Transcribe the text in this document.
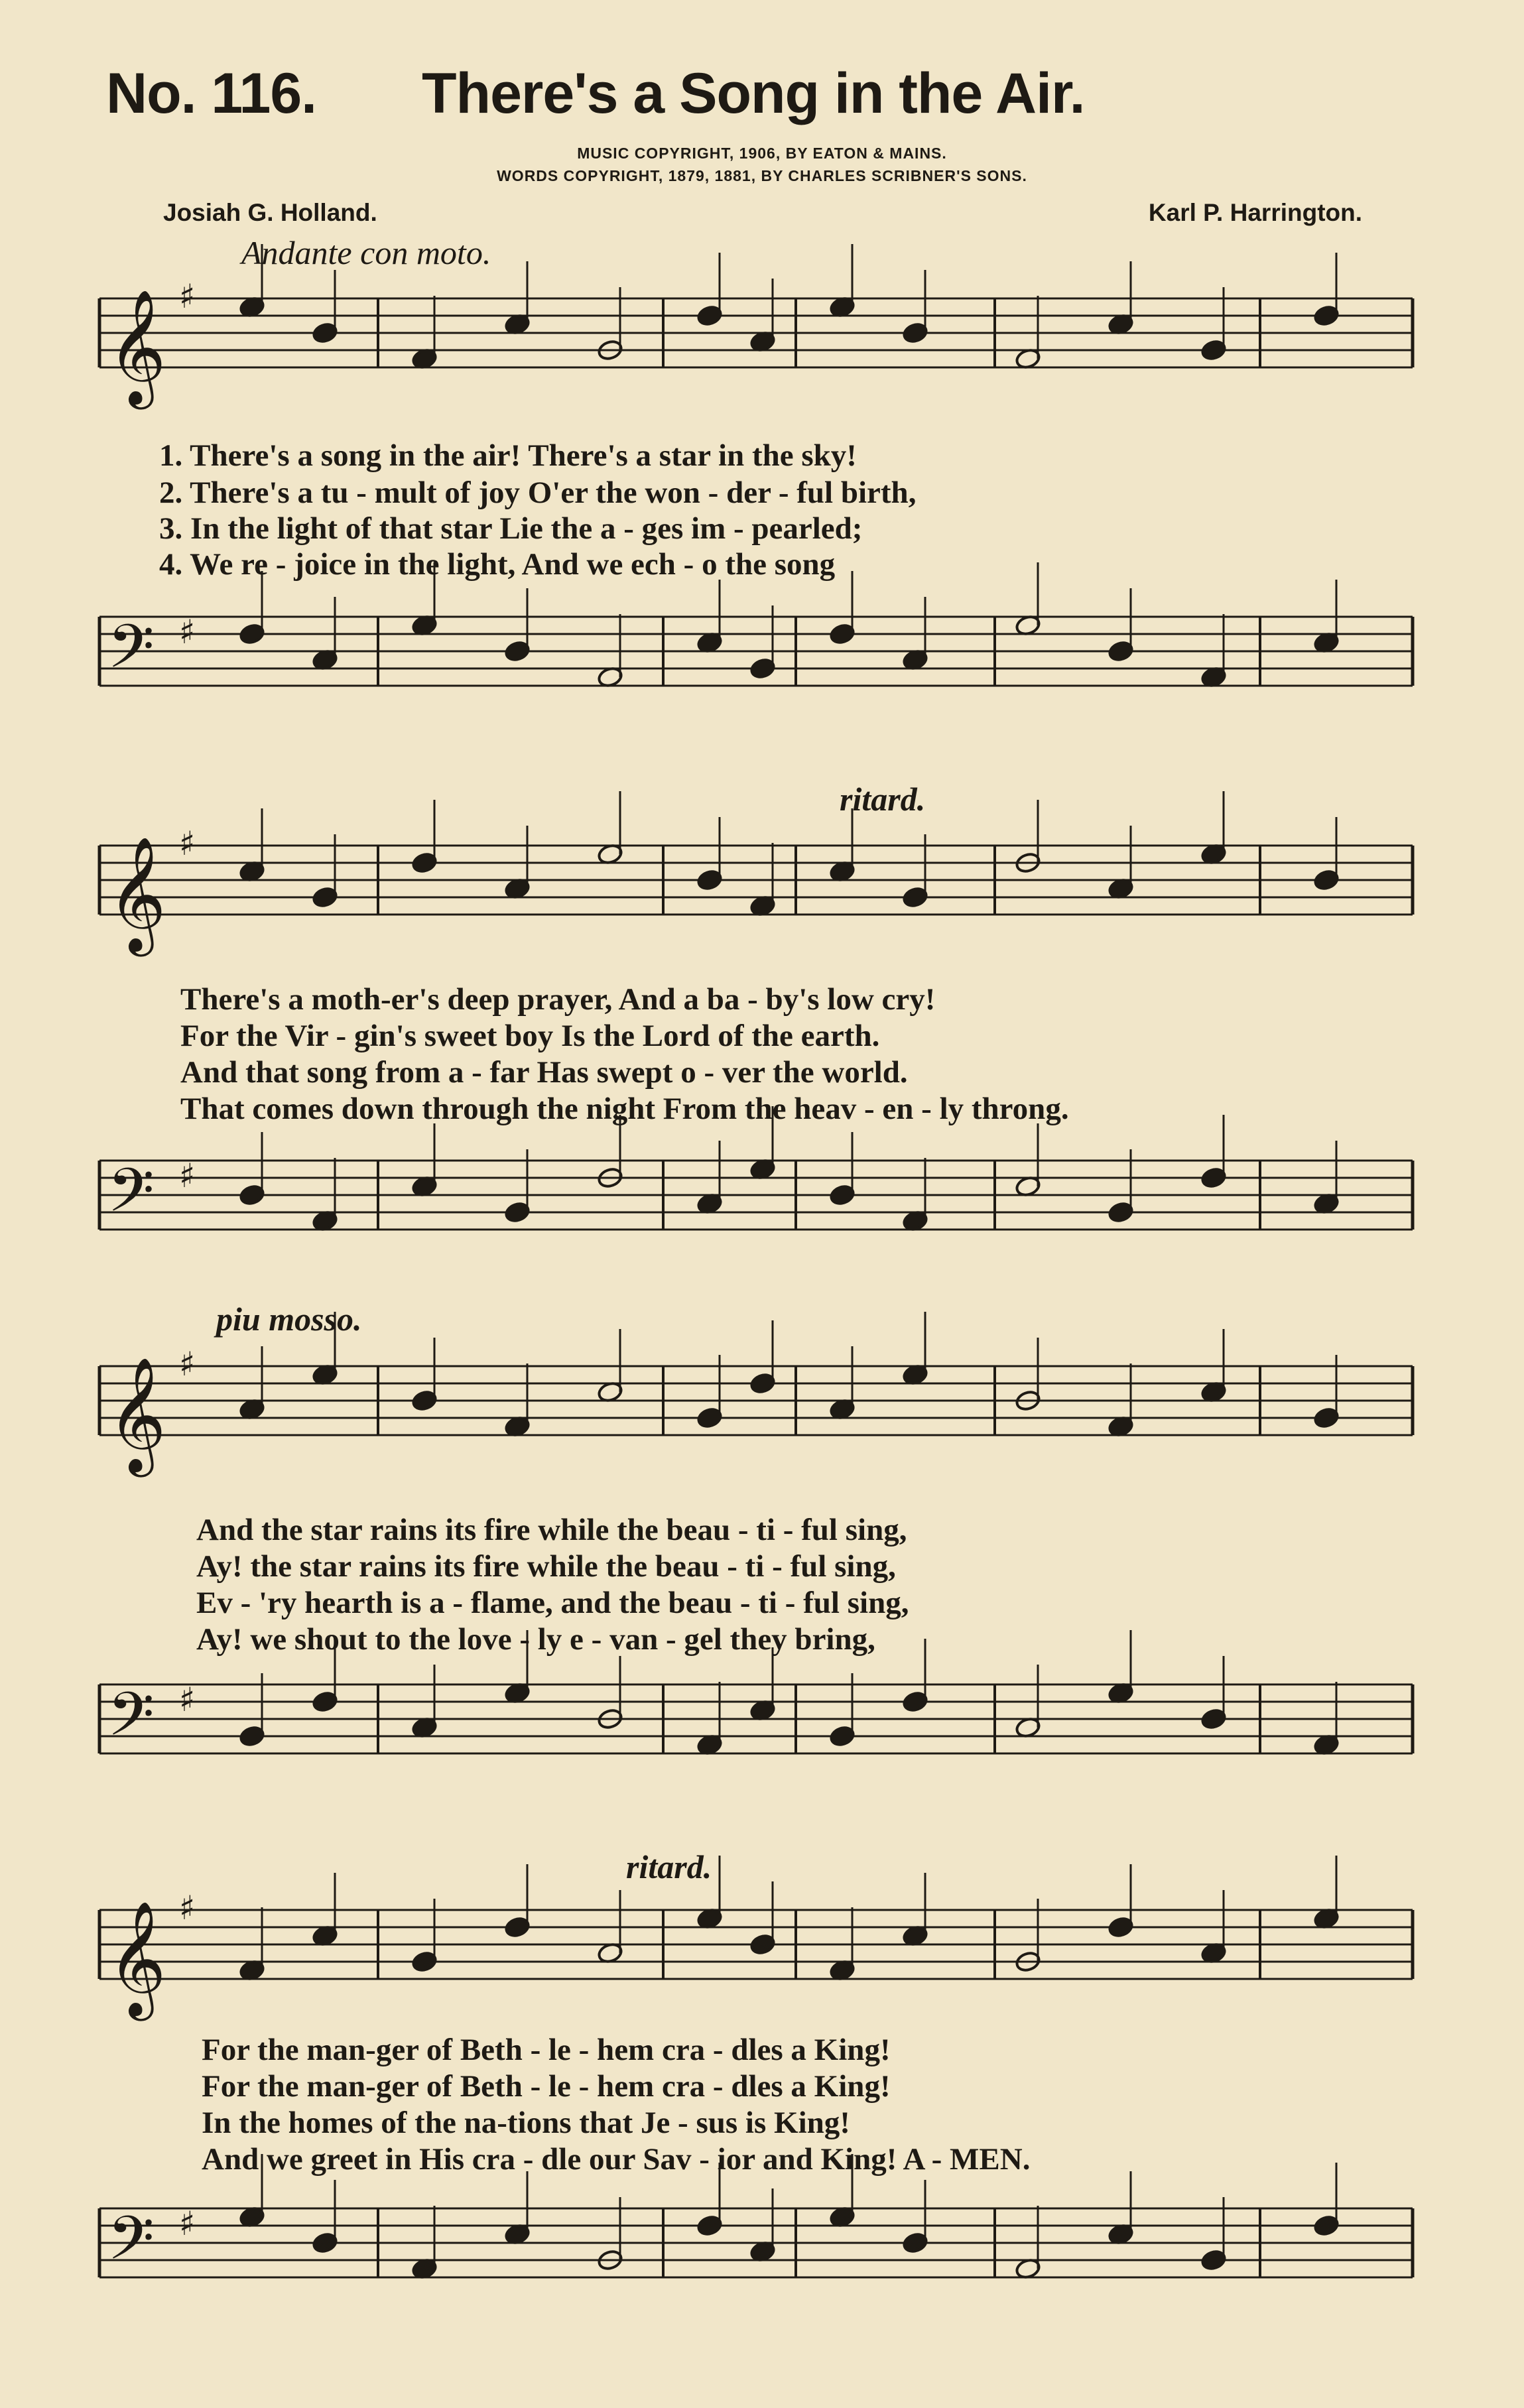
No. 116. There's a Song in the Air.
MUSIC COPYRIGHT, 1906, BY EATON & MAINS.
WORDS COPYRIGHT, 1879, 1881, BY CHARLES SCRIBNER'S SONS.
Josiah G. Holland.	Karl P. Harrington.
Andante con moto.
𝄞 ♯
1. There's a song in the air! There's a star in the sky!
2. There's a tu - mult of joy O'er the won - der - ful birth,
3. In the light of that star Lie the a - ges im - pearled;
4. We re - joice in the light, And we ech - o the song
𝄢 ♯
ritard.
𝄞 ♯
There's a moth-er's deep prayer, And a ba - by's low cry!
For the Vir - gin's sweet boy Is the Lord of the earth.
And that song from a - far Has swept o - ver the world.
That comes down through the night From the heav - en - ly throng.
𝄢 ♯
piu mosso.
𝄞 ♯
And the star rains its fire while the beau - ti - ful sing,
Ay! the star rains its fire while the beau - ti - ful sing,
Ev - 'ry hearth is a - flame, and the beau - ti - ful sing,
Ay! we shout to the love - ly e - van - gel they bring,
𝄢 ♯
ritard.
𝄞 ♯
For the man-ger of Beth - le - hem cra - dles a King!
For the man-ger of Beth - le - hem cra - dles a King!
In the homes of the na-tions that Je - sus is King!
And we greet in His cra - dle our Sav - ior and King! A - MEN.
𝄢 ♯
